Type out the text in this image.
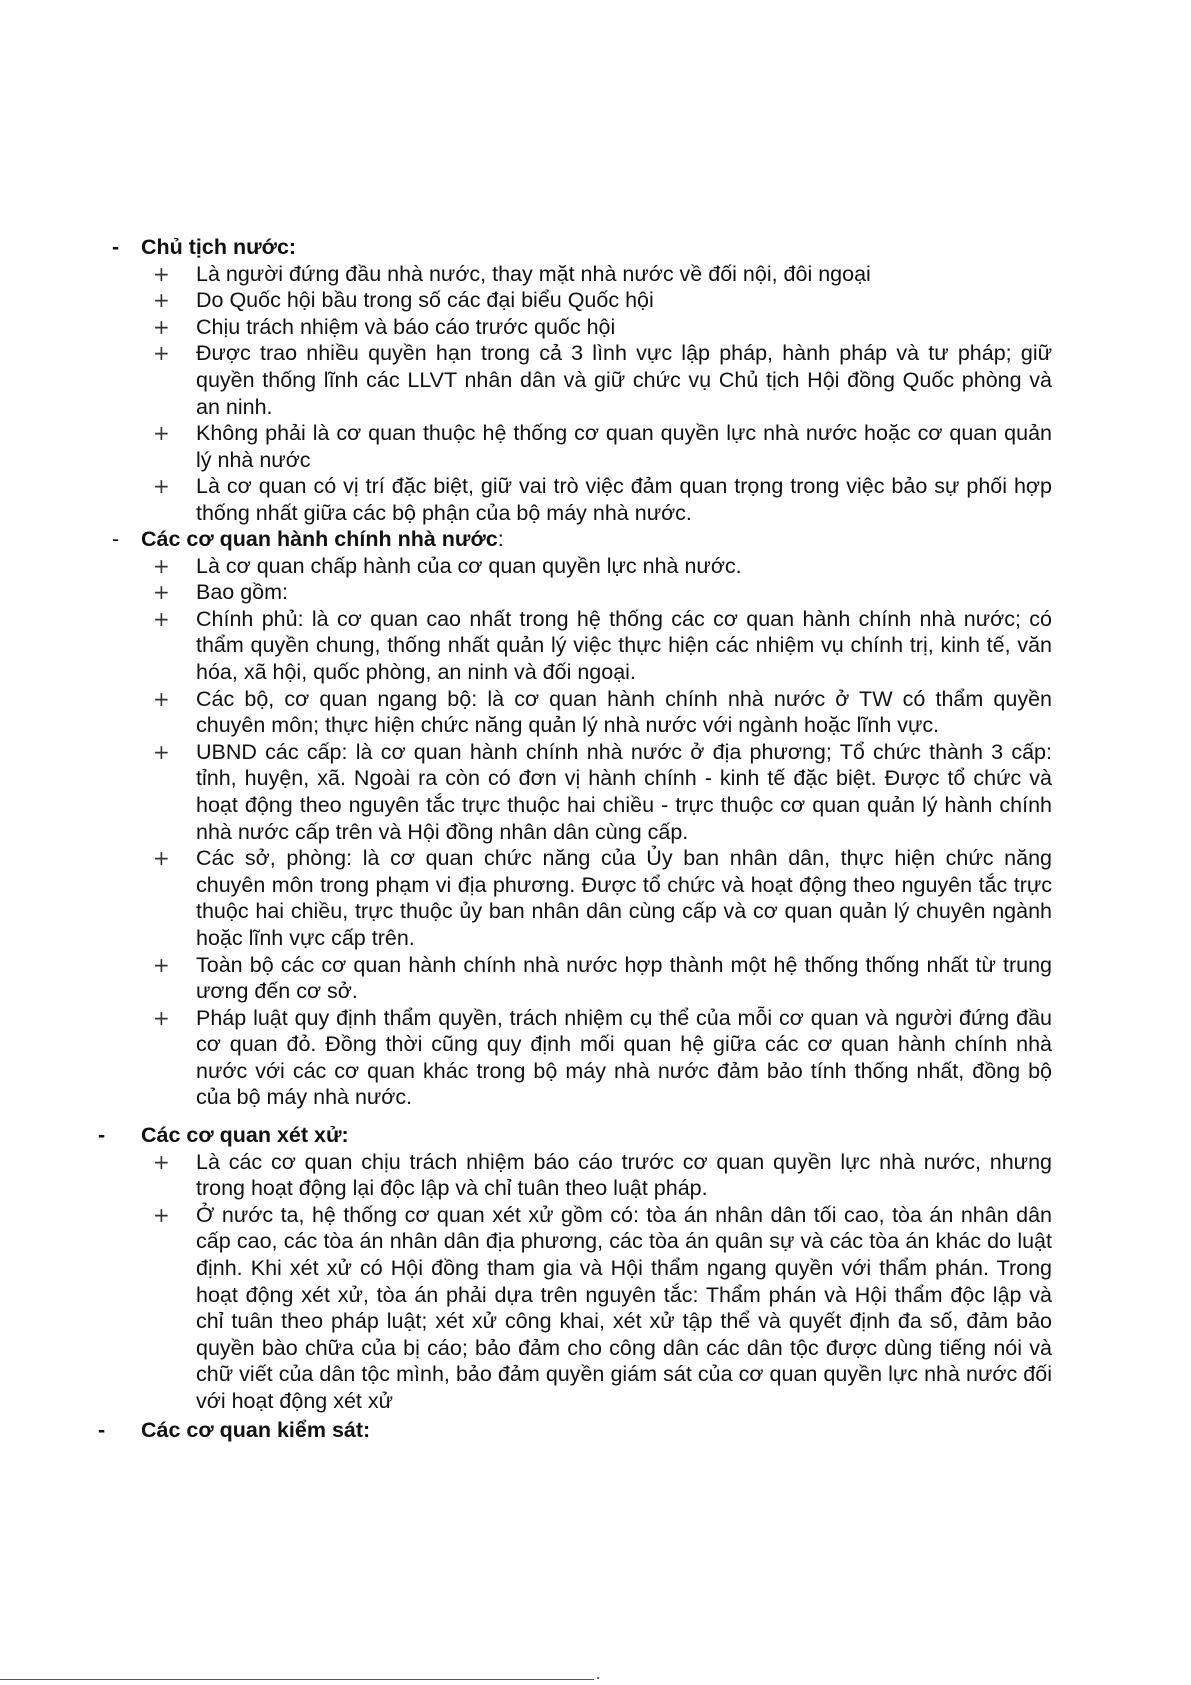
-	Chủ tịch nước:
+ Là người đứng đầu nhà nước, thay mặt nhà nước về đối nội, đôi ngoại
+ Do Quốc hội bầu trong số các đại biểu Quốc hội
+ Chịu trách nhiệm và báo cáo trước quốc hội
+ Được trao nhiều quyền hạn trong cả 3 lình vực lập pháp, hành pháp và tư pháp; giữ quyền thống lĩnh các LLVT nhân dân và giữ chức vụ Chủ tịch Hội đồng Quốc phòng và an ninh.
+ Không phải là cơ quan thuộc hệ thống cơ quan quyền lực nhà nước hoặc cơ quan quản lý nhà nước
+ Là cơ quan có vị trí đặc biệt, giữ vai trò việc đảm quan trọng trong việc bảo sự phối hợp thống nhất giữa các bộ phận của bộ máy nhà nước.
-	Các cơ quan hành chính nhà nước:
+ Là cơ quan chấp hành của cơ quan quyền lực nhà nước.
+ Bao gồm:
+ Chính phủ: là cơ quan cao nhất trong hệ thống các cơ quan hành chính nhà nước; có thẩm quyền chung, thống nhất quản lý việc thực hiện các nhiệm vụ chính trị, kinh tế, văn hóa, xã hội, quốc phòng, an ninh và đối ngoại.
+ Các bộ, cơ quan ngang bộ: là cơ quan hành chính nhà nước ở TW có thẩm quyền chuyên môn; thực hiện chức năng quản lý nhà nước với ngành hoặc lĩnh vực.
+ UBND các cấp: là cơ quan hành chính nhà nước ở địa phương; Tổ chức thành 3 cấp: tỉnh, huyện, xã. Ngoài ra còn có đơn vị hành chính - kinh tế đặc biệt. Được tổ chức và hoạt động theo nguyên tắc trực thuộc hai chiều - trực thuộc cơ quan quản lý hành chính nhà nước cấp trên và Hội đồng nhân dân cùng cấp.
+ Các sở, phòng: là cơ quan chức năng của Ủy ban nhân dân, thực hiện chức năng chuyên môn trong phạm vi địa phương. Được tổ chức và hoạt động theo nguyên tắc trực thuộc hai chiều, trực thuộc ủy ban nhân dân cùng cấp và cơ quan quản lý chuyên ngành hoặc lĩnh vực cấp trên.
+ Toàn bộ các cơ quan hành chính nhà nước hợp thành một hệ thống thống nhất từ trung ương đến cơ sở.
+ Pháp luật quy định thẩm quyền, trách nhiệm cụ thể của mỗi cơ quan và người đứng đầu cơ quan đỏ. Đồng thời cũng quy định mối quan hệ giữa các cơ quan hành chính nhà nước với các cơ quan khác trong bộ máy nhà nước đảm bảo tính thống nhất, đồng bộ của bộ máy nhà nước.
-	Các cơ quan xét xử:
+ Là các cơ quan chịu trách nhiệm báo cáo trước cơ quan quyền lực nhà nước, nhưng trong hoạt động lại độc lập và chỉ tuân theo luật pháp.
+ Ở nước ta, hệ thống cơ quan xét xử gồm có: tòa án nhân dân tối cao, tòa án nhân dân cấp cao, các tòa án nhân dân địa phương, các tòa án quân sự và các tòa án khác do luật định. Khi xét xử có Hội đồng tham gia và Hội thẩm ngang quyền với thẩm phán. Trong hoạt động xét xử, tòa án phải dựa trên nguyên tắc: Thẩm phán và Hội thẩm độc lập và chỉ tuân theo pháp luật; xét xử công khai, xét xử tập thể và quyết định đa số, đảm bảo quyền bào chữa của bị cáo; bảo đảm cho công dân các dân tộc được dùng tiếng nói và chữ viết của dân tộc mình, bảo đảm quyền giám sát của cơ quan quyền lực nhà nước đối với hoạt động xét xử
-	Các cơ quan kiểm sát:
